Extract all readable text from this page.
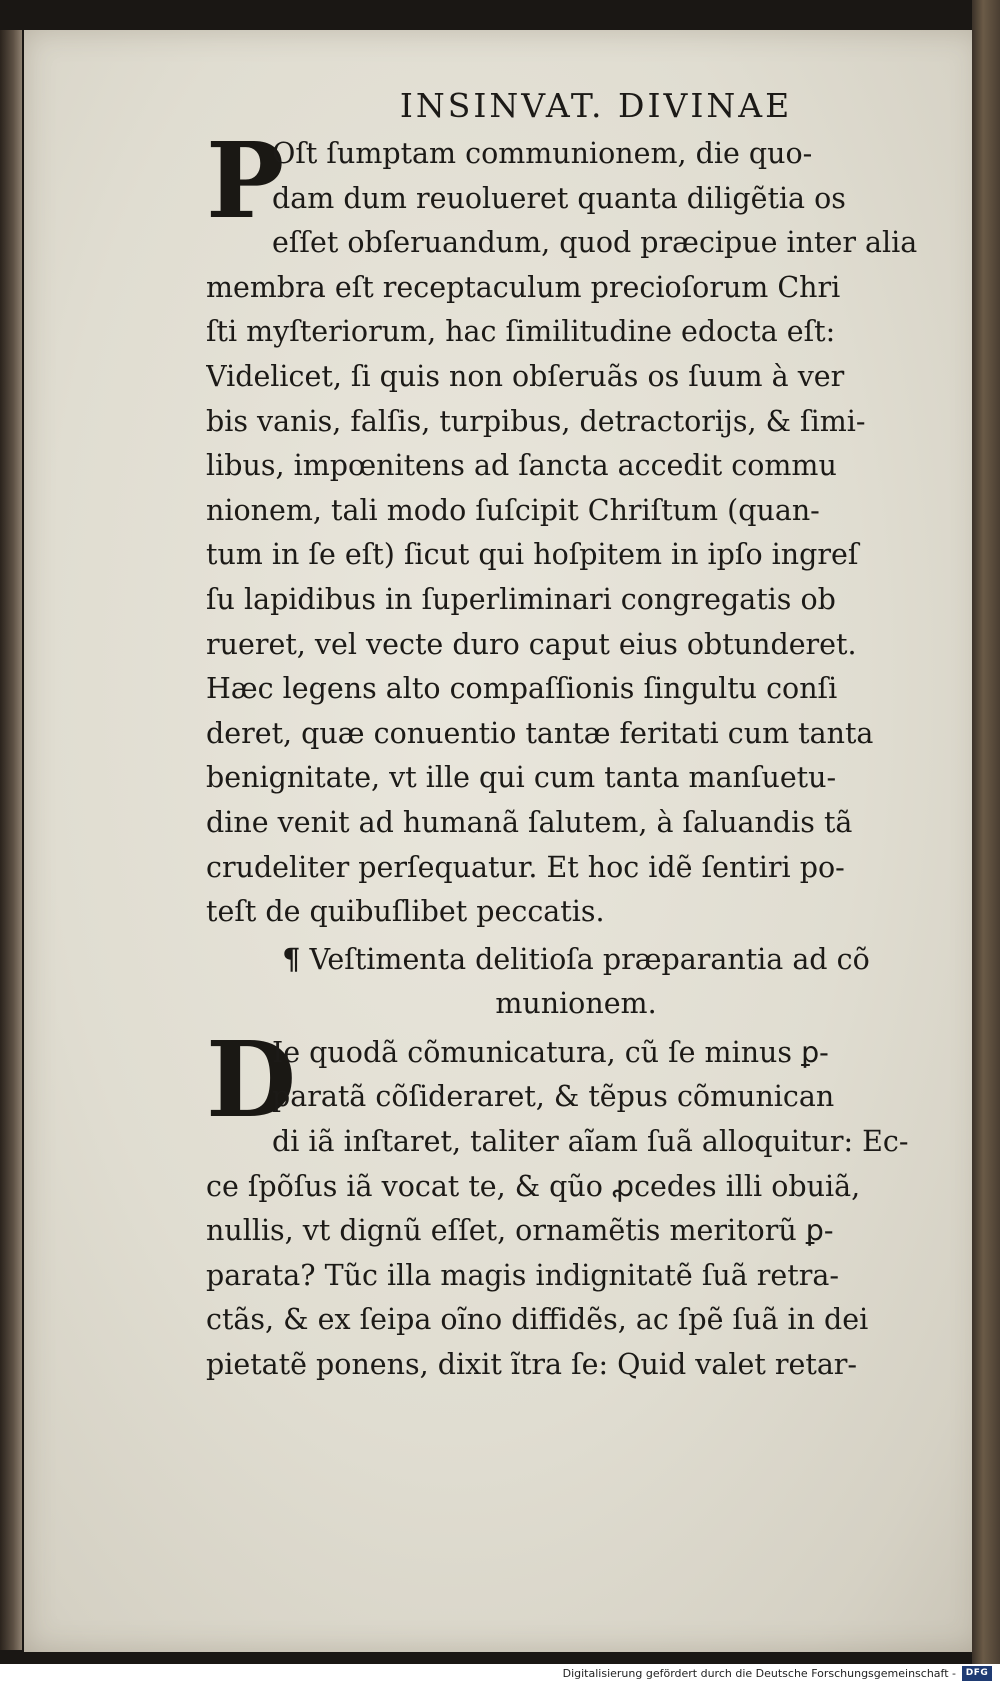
INSINVAT. DIVINAE
P
Oſt ſumptam communionem, die quo-
dam dum reuolueret quanta diligẽtia os
eſſet obſeruandum, quod præcipue inter alia
membra eſt receptaculum precioſorum Chri
ſti myſteriorum, hac ſimilitudine edocta eſt:
Videlicet, ſi quis non obſeruãs os ſuum à ver
bis vanis, falſis, turpibus, detractorijs, & ſimi-
libus, impœnitens ad ſancta accedit commu
nionem, tali modo ſuſcipit Chriſtum (quan-
tum in ſe eſt) ſicut qui hoſpitem in ipſo ingreſ
ſu lapidibus in ſuperliminari congregatis ob
rueret, vel vecte duro caput eius obtunderet.
Hæc legens alto compaſſionis ſingultu conſi
deret, quæ conuentio tantæ feritati cum tanta
benignitate, vt ille qui cum tanta manſuetu-
dine venit ad humanã ſalutem, à ſaluandis tã
crudeliter perſequatur. Et hoc idẽ ſentiri po-
teſt de quibuſlibet peccatis.
¶ Veſtimenta delitioſa præparantia ad cõ
munionem.
D
Ie quodã cõmunicatura, cũ ſe minus ꝑ-
paratã cõſideraret, & tẽpus cõmunican
di iã inſtaret, taliter aĩam ſuã alloquitur: Ec-
ce ſpõſus iã vocat te, & qũo ꝓcedes illi obuiã,
nullis, vt dignũ eſſet, ornamẽtis meritorũ ꝑ-
parata? Tũc illa magis indignitatẽ ſuã retra-
ctãs, & ex ſeipa oĩno diffidẽs, ac ſpẽ ſuã in dei
pietatẽ ponens, dixit ĩtra ſe: Quid valet retar-
Digitalisierung gefördert durch die Deutsche Forschungsgemeinschaft -	DFG
